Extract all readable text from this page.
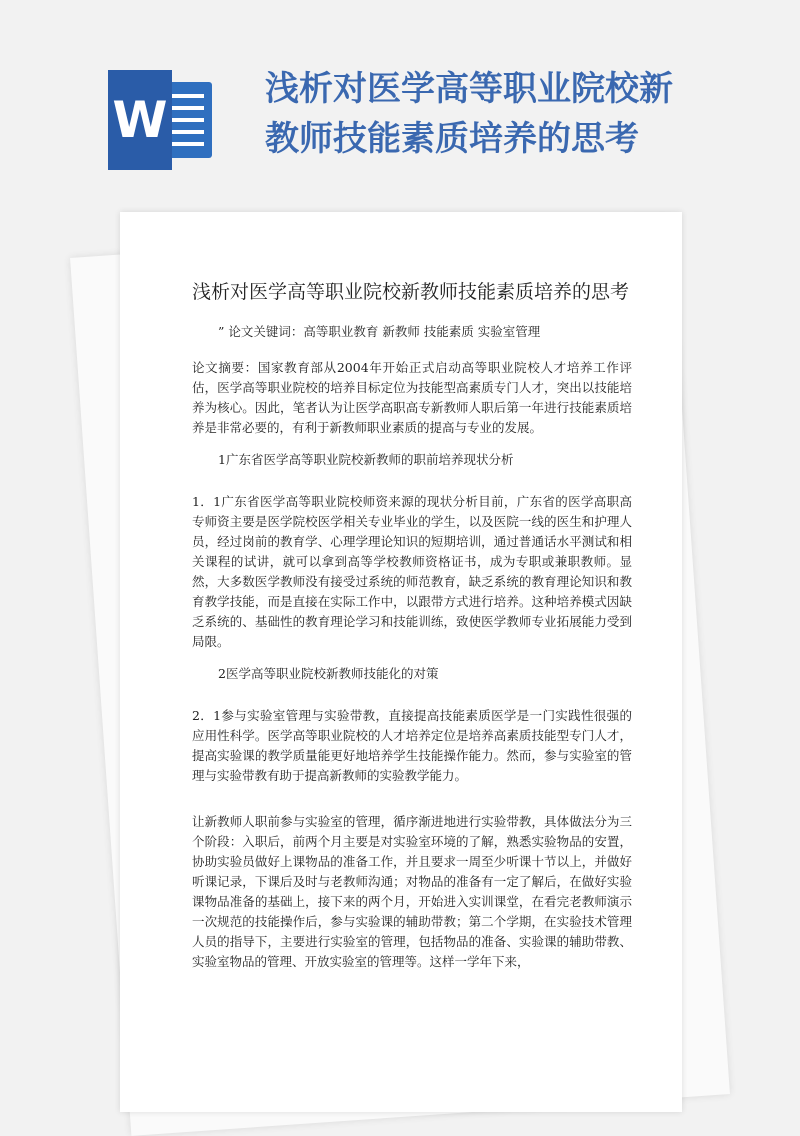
W
浅析对医学高等职业院校新教师技能素质培养的思考
浅析对医学高等职业院校新教师技能素质培养的思考

” 论文关键词：高等职业教育 新教师 技能素质 实验室管理

论文摘要：国家教育部从2004年开始正式启动高等职业院校人才培养工作评估，医学高等职业院校的培养目标定位为技能型高素质专门人才，突出以技能培养为核心。因此，笔者认为让医学高职高专新教师人职后第一年进行技能素质培养是非常必要的，有利于新教师职业素质的提高与专业的发展。

1广东省医学高等职业院校新教师的职前培养现状分析

1．1广东省医学高等职业院校师资来源的现状分析目前，广东省的医学高职高专师资主要是医学院校医学相关专业毕业的学生，以及医院一线的医生和护理人员，经过岗前的教育学、心理学理论知识的短期培训，通过普通话水平测试和相关课程的试讲，就可以拿到高等学校教师资格证书，成为专职或兼职教师。显然，大多数医学教师没有接受过系统的师范教育，缺乏系统的教育理论知识和教育教学技能，而是直接在实际工作中，以跟带方式进行培养。这种培养模式因缺乏系统的、基础性的教育理论学习和技能训练，致使医学教师专业拓展能力受到局限。

2医学高等职业院校新教师技能化的对策

2．1参与实验室管理与实验带教，直接提高技能素质医学是一门实践性很强的应用性科学。医学高等职业院校的人才培养定位是培养高素质技能型专门人才，提高实验课的教学质量能更好地培养学生技能操作能力。然而，参与实验室的管理与实验带教有助于提高新教师的实验教学能力。

让新教师人职前参与实验室的管理，循序渐进地进行实验带教，具体做法分为三个阶段：入职后，前两个月主要是对实验室环境的了解，熟悉实验物品的安置，协助实验员做好上课物品的准备工作，并且要求一周至少听课十节以上，并做好听课记录，下课后及时与老教师沟通；对物品的准备有一定了解后，在做好实验课物品准备的基础上，接下来的两个月，开始进入实训课堂，在看完老教师演示一次规范的技能操作后，参与实验课的辅助带教；第二个学期，在实验技术管理人员的指导下，主要进行实验室的管理，包括物品的准备、实验课的辅助带教、实验室物品的管理、开放实验室的管理等。这样一学年下来，
